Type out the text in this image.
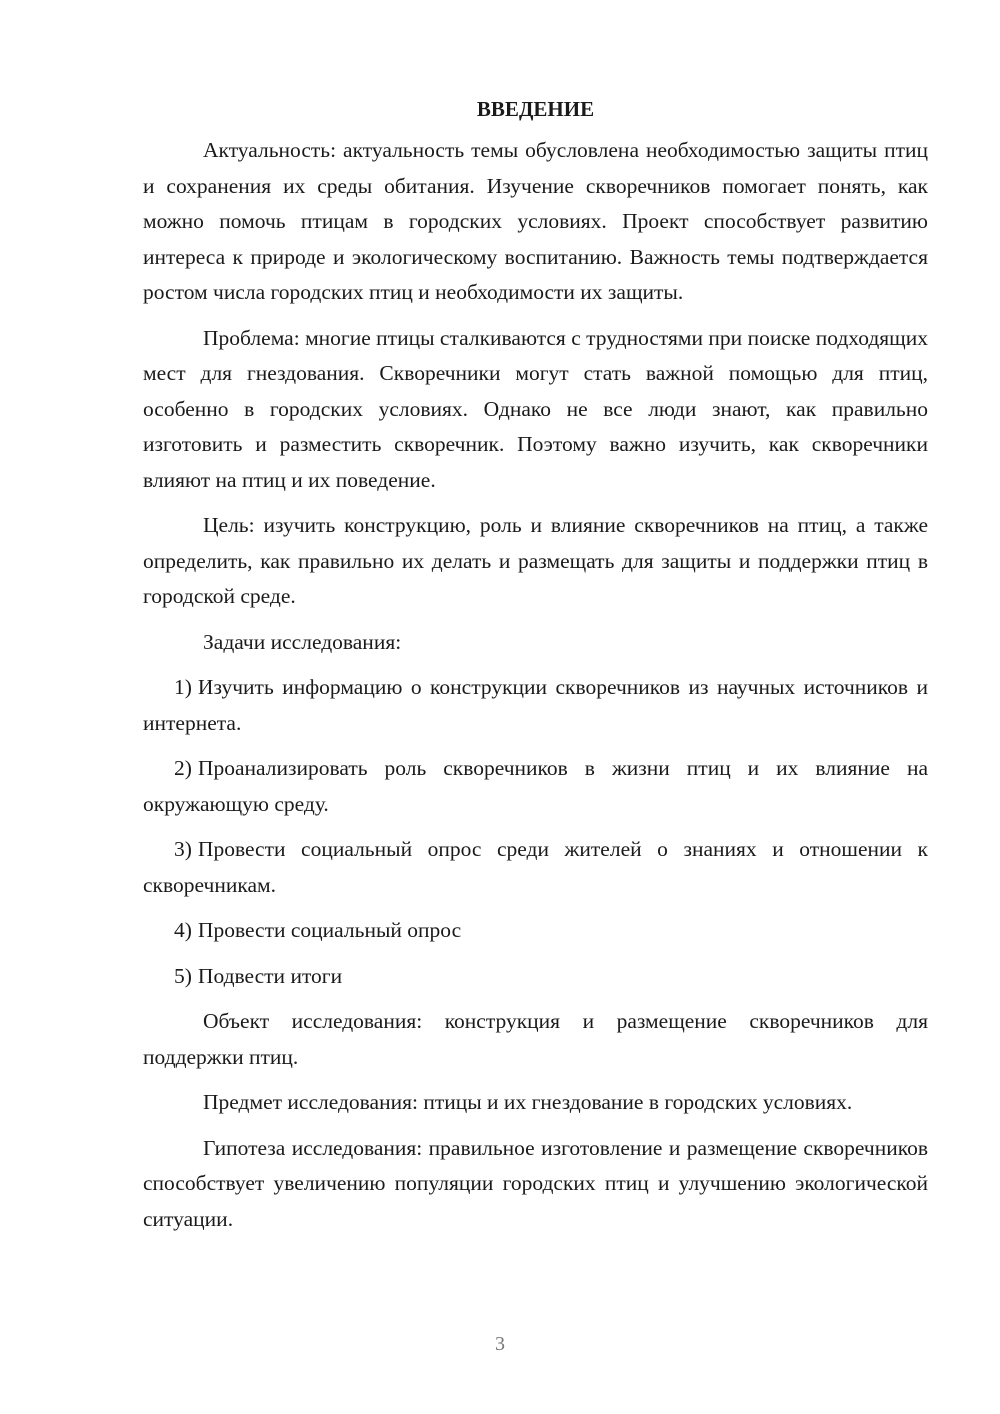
ВВЕДЕНИЕ

Актуальность: актуальность темы обусловлена необходимостью защиты птиц и сохранения их среды обитания. Изучение скворечников помогает понять, как можно помочь птицам в городских условиях. Проект способствует развитию интереса к природе и экологическому воспитанию. Важность темы подтверждается ростом числа городских птиц и необходимости их защиты.

Проблема: многие птицы сталкиваются с трудностями при поиске подходящих мест для гнездования. Скворечники могут стать важной помощью для птиц, особенно в городских условиях. Однако не все люди знают, как правильно изготовить и разместить скворечник. Поэтому важно изучить, как скворечники влияют на птиц и их поведение.

Цель: изучить конструкцию, роль и влияние скворечников на птиц, а также определить, как правильно их делать и размещать для защиты и поддержки птиц в городской среде.

Задачи исследования:

1) Изучить информацию о конструкции скворечников из научных источников и интернета.

2) Проанализировать роль скворечников в жизни птиц и их влияние на окружающую среду.

3) Провести социальный опрос среди жителей о знаниях и отношении к скворечникам.

4) Провести социальный опрос

5) Подвести итоги

Объект исследования: конструкция и размещение скворечников для поддержки птиц.

Предмет исследования: птицы и их гнездование в городских условиях.

Гипотеза исследования: правильное изготовление и размещение скворечников способствует увеличению популяции городских птиц и улучшению экологической ситуации.

3
